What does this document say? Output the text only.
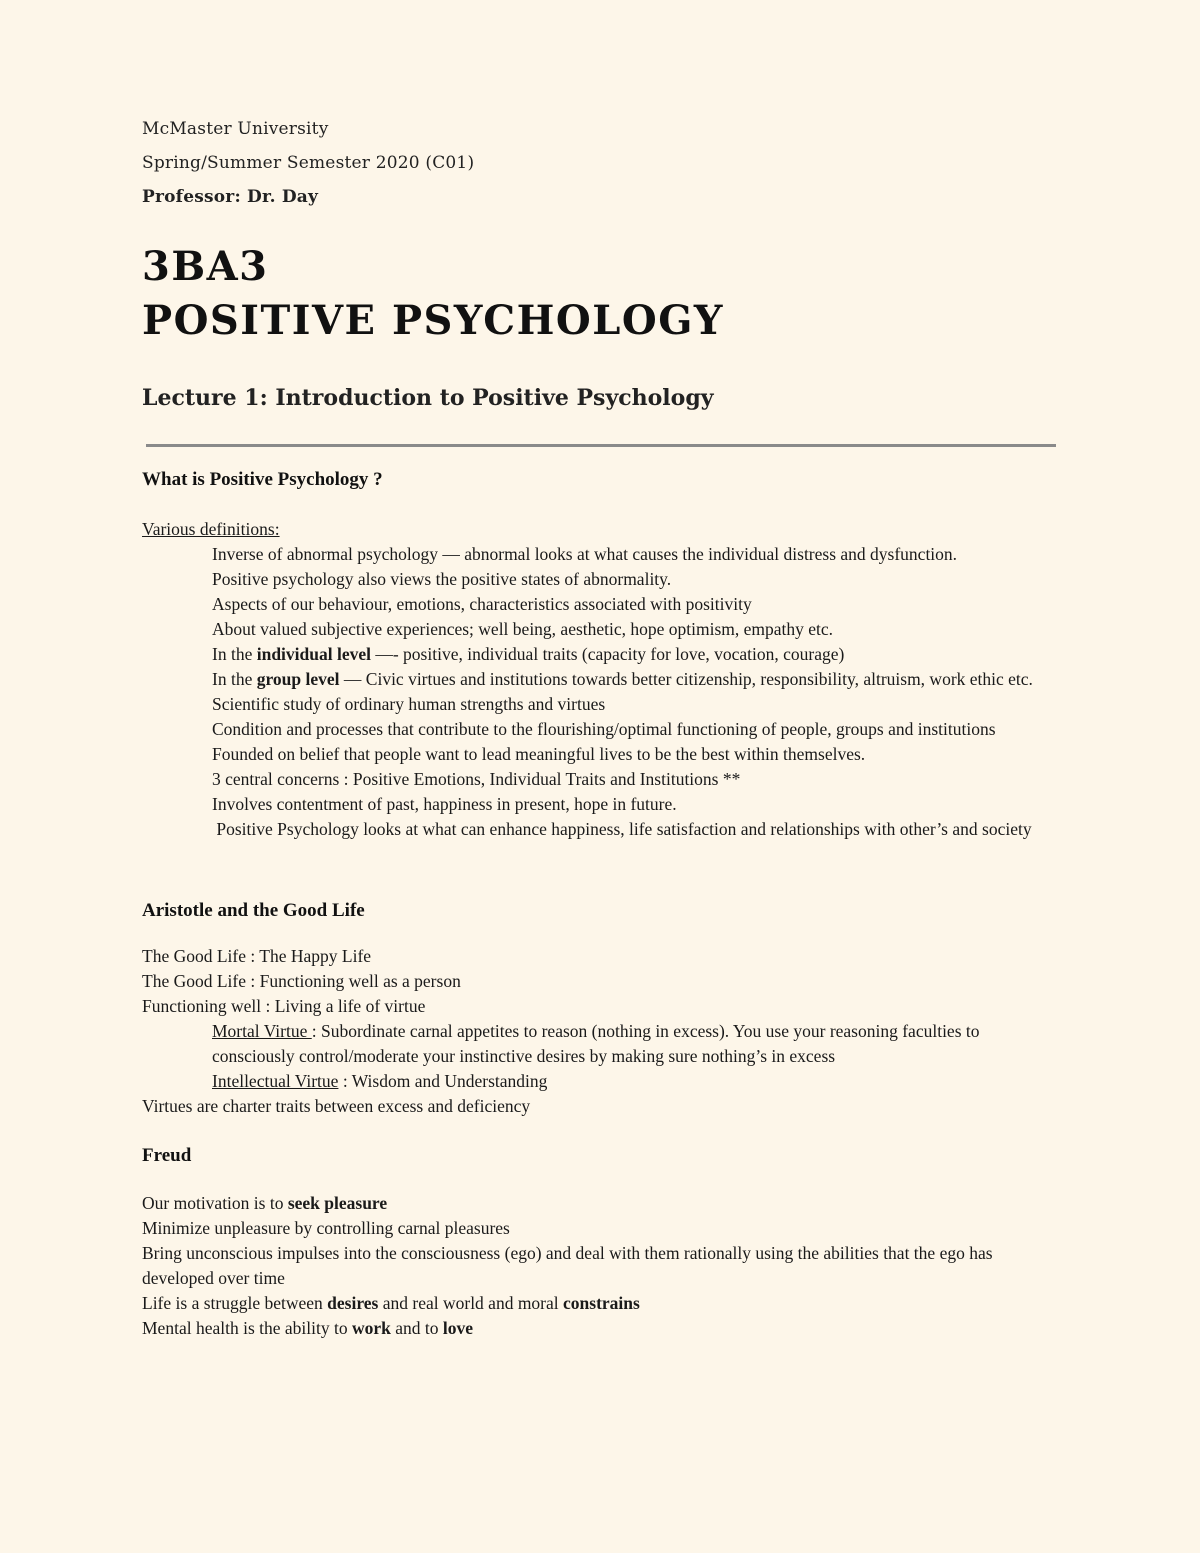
McMaster University
Spring/Summer Semester 2020 (C01)
Professor: Dr. Day
3BA3
POSITIVE PSYCHOLOGY
Lecture 1: Introduction to Positive Psychology
What is Positive Psychology ?
Various definitions:
Inverse of abnormal psychology — abnormal looks at what causes the individual distress and dysfunction.
Positive psychology also views the positive states of abnormality.
Aspects of our behaviour, emotions, characteristics associated with positivity
About valued subjective experiences; well being, aesthetic, hope optimism, empathy etc.
In the individual level —- positive, individual traits (capacity for love, vocation, courage)
In the group level — Civic virtues and institutions towards better citizenship, responsibility, altruism, work ethic etc.
Scientific study of ordinary human strengths and virtues
Condition and processes that contribute to the flourishing/optimal functioning of people, groups and institutions
Founded on belief that people want to lead meaningful lives to be the best within themselves.
3 central concerns : Positive Emotions, Individual Traits and Institutions **
Involves contentment of past, happiness in present, hope in future.
Positive Psychology looks at what can enhance happiness, life satisfaction and relationships with other’s and society
Aristotle and the Good Life
The Good Life : The Happy Life
The Good Life : Functioning well as a person
Functioning well : Living a life of virtue
Mortal Virtue : Subordinate carnal appetites to reason (nothing in excess). You use your reasoning faculties to consciously control/moderate your instinctive desires by making sure nothing’s in excess
Intellectual Virtue : Wisdom and Understanding
Virtues are charter traits between excess and deficiency
Freud
Our motivation is to seek pleasure
Minimize unpleasure by controlling carnal pleasures
Bring unconscious impulses into the consciousness (ego) and deal with them rationally using the abilities that the ego has developed over time
Life is a struggle between desires and real world and moral constrains
Mental health is the ability to work and to love
